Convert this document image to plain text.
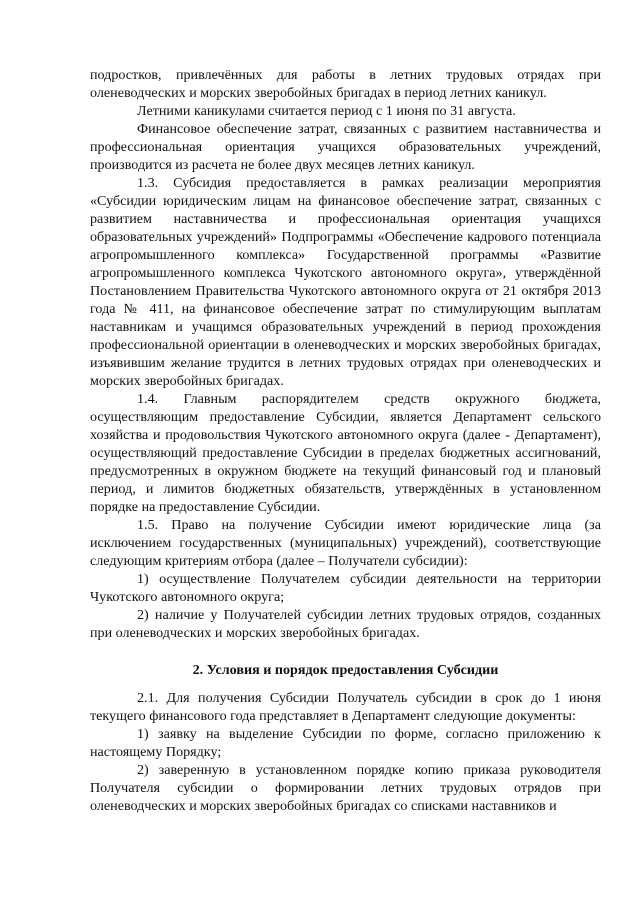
подростков, привлечённых для работы в летних трудовых отрядах при оленеводческих и морских зверобойных бригадах в период летних каникул.

Летними каникулами считается период с 1 июня по 31 августа.

Финансовое обеспечение затрат, связанных с развитием наставничества и профессиональная ориентация учащихся образовательных учреждений, производится из расчета не более двух месяцев летних каникул.

1.3. Субсидия предоставляется в рамках реализации мероприятия «Субсидии юридическим лицам на финансовое обеспечение затрат, связанных с развитием наставничества и профессиональная ориентация учащихся образовательных учреждений» Подпрограммы «Обеспечение кадрового потенциала агропромышленного комплекса» Государственной программы «Развитие агропромышленного комплекса Чукотского автономного округа», утверждённой Постановлением Правительства Чукотского автономного округа от 21 октября 2013 года № 411, на финансовое обеспечение затрат по стимулирующим выплатам наставникам и учащимся образовательных учреждений в период прохождения профессиональной ориентации в оленеводческих и морских зверобойных бригадах, изъявившим желание трудится в летних трудовых отрядах при оленеводческих и морских зверобойных бригадах.

1.4. Главным распорядителем средств окружного бюджета, осуществляющим предоставление Субсидии, является Департамент сельского хозяйства и продовольствия Чукотского автономного округа (далее - Департамент), осуществляющий предоставление Субсидии в пределах бюджетных ассигнований, предусмотренных в окружном бюджете на текущий финансовый год и плановый период, и лимитов бюджетных обязательств, утверждённых в установленном порядке на предоставление Субсидии.

1.5. Право на получение Субсидии имеют юридические лица (за исключением государственных (муниципальных) учреждений), соответствующие следующим критериям отбора (далее – Получатели субсидии):

1) осуществление Получателем субсидии деятельности на территории Чукотского автономного округа;

2) наличие у Получателей субсидии летних трудовых отрядов, созданных при оленеводческих и морских зверобойных бригадах.

2. Условия и порядок предоставления Субсидии

2.1. Для получения Субсидии Получатель субсидии в срок до 1 июня текущего финансового года представляет в Департамент следующие документы:

1) заявку на выделение Субсидии по форме, согласно приложению к настоящему Порядку;

2) заверенную в установленном порядке копию приказа руководителя Получателя субсидии о формировании летних трудовых отрядов при оленеводческих и морских зверобойных бригадах со списками наставников и
